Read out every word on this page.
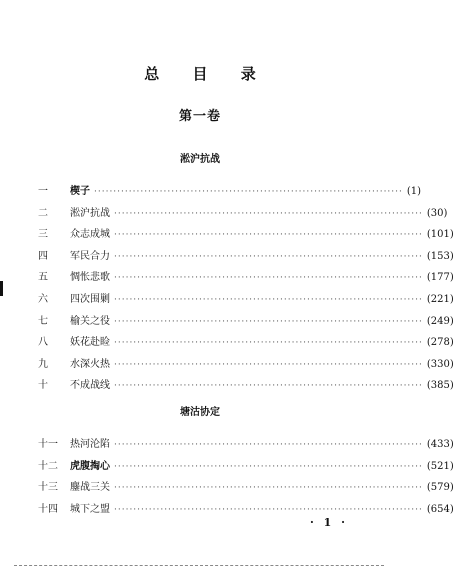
总 目 录
第一卷
淞沪抗战
一	楔子 ················································································ (1)
二	淞沪抗战 ················································································ (30)
三	众志成城 ················································································ (101)
四	军民合力 ················································································ (153)
五	惆怅悲歌 ················································································ (177)
六	四次围剿 ················································································ (221)
七	榆关之役 ················································································ (249)
八	妖花赴睑 ················································································ (278)
九	水深火热 ················································································ (330)
十	不成战线 ················································································ (385)
塘沽协定
十一	热河沦陷 ················································································ (433)
十二	虎腹掏心 ················································································ (521)
十三	鏖战三关 ················································································ (579)
十四	城下之盟 ················································································ (654)
· 1 ·
